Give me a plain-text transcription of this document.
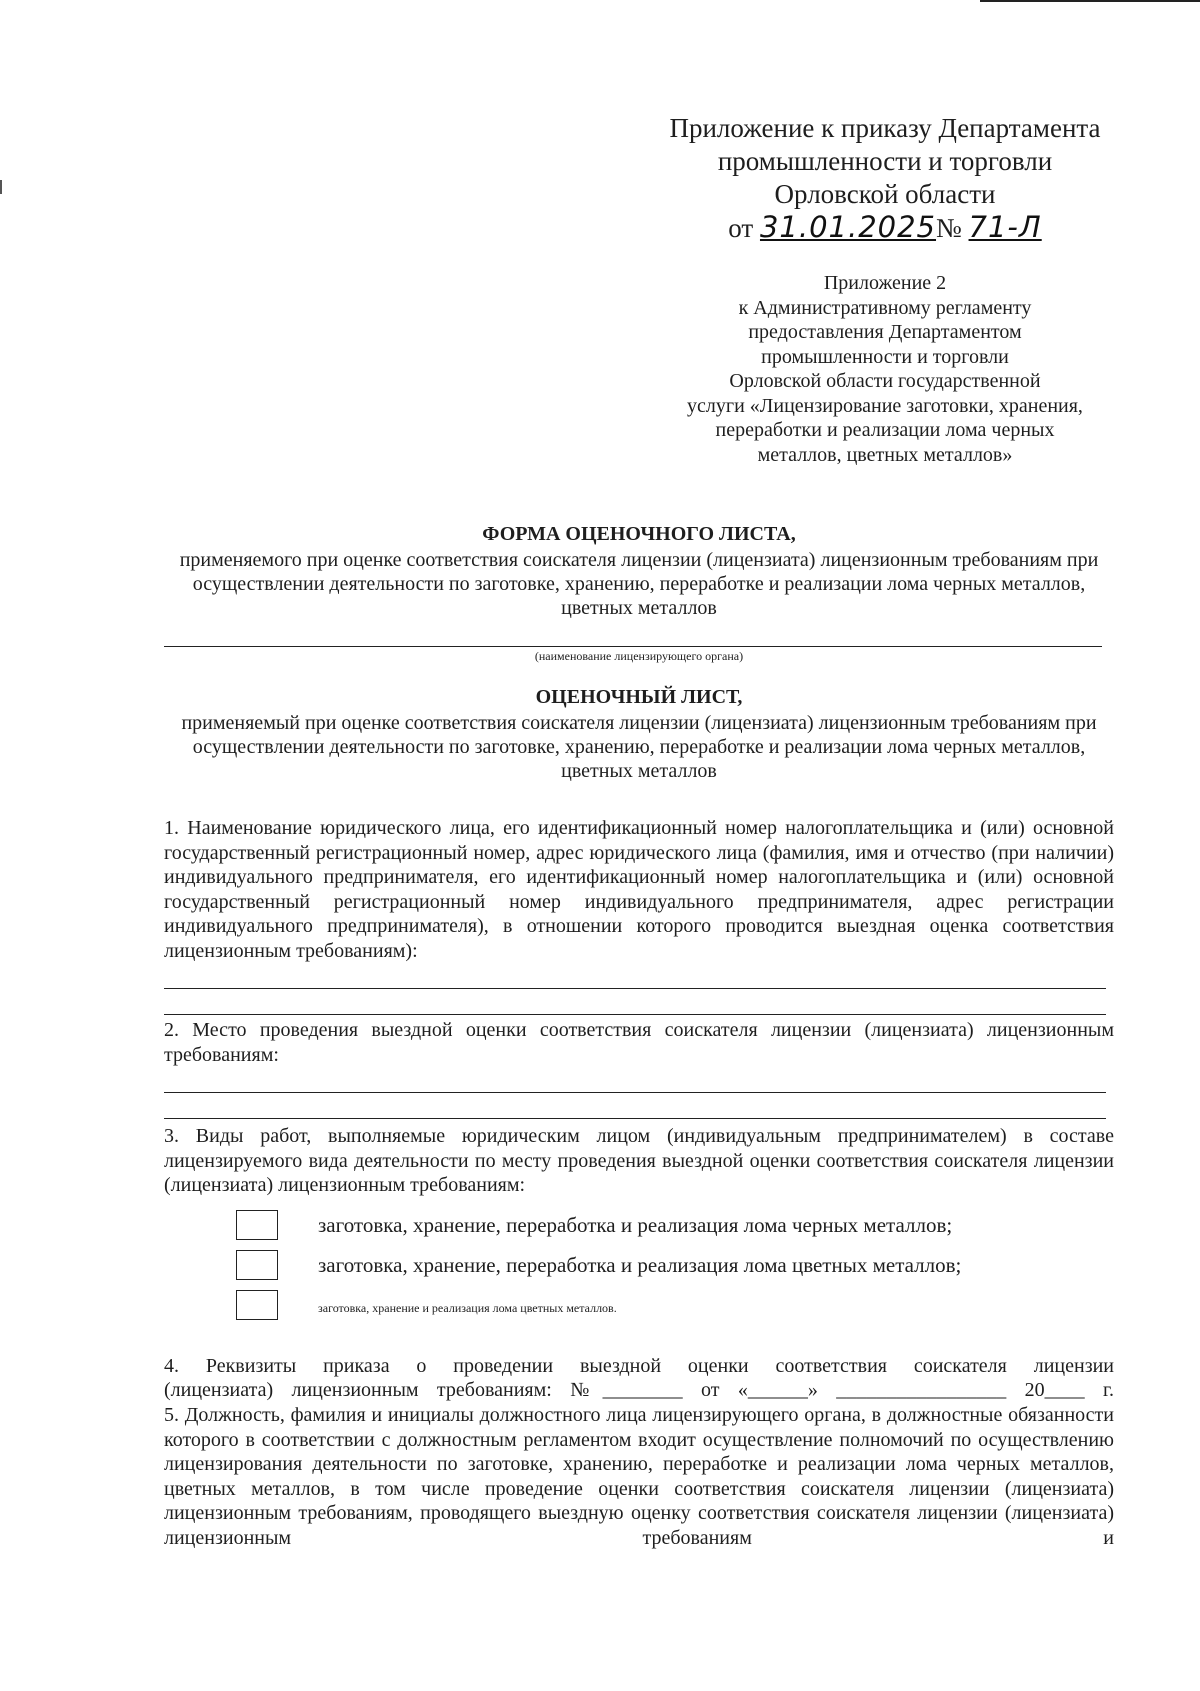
Приложение к приказу Департамента
промышленности и торговли
Орловской области
от 31.01.2025№ 71-Л
Приложение 2
к Административному регламенту
предоставления Департаментом
промышленности и торговли
Орловской области государственной
услуги «Лицензирование заготовки, хранения,
переработки и реализации лома черных
металлов, цветных металлов»
ФОРМА ОЦЕНОЧНОГО ЛИСТА,
применяемого при оценке соответствия соискателя лицензии (лицензиата) лицензионным требованиям при осуществлении деятельности по заготовке, хранению, переработке и реализации лома черных металлов, цветных металлов
(наименование лицензирующего органа)
ОЦЕНОЧНЫЙ ЛИСТ,
применяемый при оценке соответствия соискателя лицензии (лицензиата) лицензионным требованиям при осуществлении деятельности по заготовке, хранению, переработке и реализации лома черных металлов, цветных металлов
1. Наименование юридического лица, его идентификационный номер налогоплательщика и (или) основной государственный регистрационный номер, адрес юридического лица (фамилия, имя и отчество (при наличии) индивидуального предпринимателя, его идентификационный номер налогоплательщика и (или) основной государственный регистрационный номер индивидуального предпринимателя, адрес регистрации индивидуального предпринимателя), в отношении которого проводится выездная оценка соответствия лицензионным требованиям):
2. Место проведения выездной оценки соответствия соискателя лицензии (лицензиата) лицензионным требованиям:
3. Виды работ, выполняемые юридическим лицом (индивидуальным предпринимателем) в составе лицензируемого вида деятельности по месту проведения выездной оценки соответствия соискателя лицензии (лицензиата) лицензионным требованиям:
заготовка, хранение, переработка и реализация лома черных металлов;
заготовка, хранение, переработка и реализация лома цветных металлов;
заготовка, хранение и реализация лома цветных металлов.
4. Реквизиты приказа о проведении выездной оценки соответствия соискателя лицензии
(лицензиата) лицензионным требованиям: №________ от «______» _________________ 20____ г.
5. Должность, фамилия и инициалы должностного лица лицензирующего органа, в должностные обязанности которого в соответствии с должностным регламентом входит осуществление полномочий по осуществлению лицензирования деятельности по заготовке, хранению, переработке и реализации лома черных металлов, цветных металлов, в том числе проведение оценки соответствия соискателя лицензии (лицензиата) лицензионным требованиям, проводящего выездную оценку соответствия соискателя лицензии (лицензиата) лицензионным требованиям и
